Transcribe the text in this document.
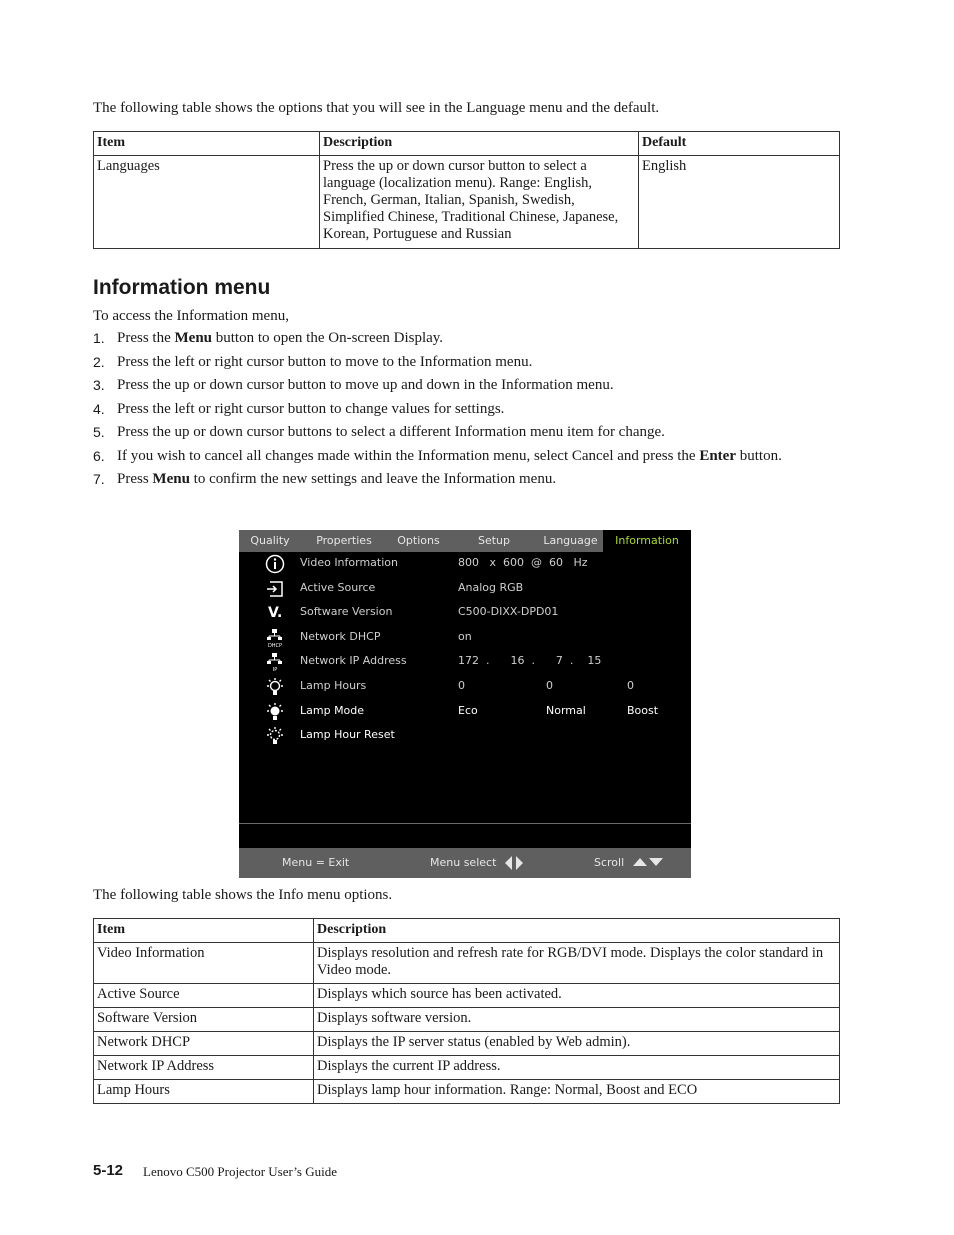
The following table shows the options that you will see in the Language menu and the default.
Item	Description	Default
Languages	Press the up or down cursor button to select a language (localization menu). Range: English, French, German, Italian, Spanish, Swedish, Simplified Chinese, Traditional Chinese, Japanese, Korean, Portuguese and Russian	English
Information menu
To access the Information menu,
1. Press the Menu button to open the On-screen Display.
2. Press the left or right cursor button to move to the Information menu.
3. Press the up or down cursor button to move up and down in the Information menu.
4. Press the left or right cursor button to change values for settings.
5. Press the up or down cursor buttons to select a different Information menu item for change.
6. If you wish to cancel all changes made within the Information menu, select Cancel and press the Enter button.
7. Press Menu to confirm the new settings and leave the Information menu.
Quality	Properties	Options	Setup	Language	Information
Video Information	800   x  600  @  60   Hz
Active Source	Analog RGB
V.	Software Version	C500-DIXX-DPD01
DHCP
Network DHCP	on
IP
Network IP Address	172  .      16  .      7  .    15
Lamp Hours	0	0	0
Lamp Mode	Eco	Normal	Boost
Lamp Hour Reset
Menu = Exit	Menu select	Scroll
The following table shows the Info menu options.
Item	Description
Video Information	Displays resolution and refresh rate for RGB/DVI mode. Displays the color standard in Video mode.
Active Source	Displays which source has been activated.
Software Version	Displays software version.
Network DHCP	Displays the IP server status (enabled by Web admin).
Network IP Address	Displays the current IP address.
Lamp Hours	Displays lamp hour information. Range: Normal, Boost and ECO
5-12 Lenovo C500 Projector User’s Guide
